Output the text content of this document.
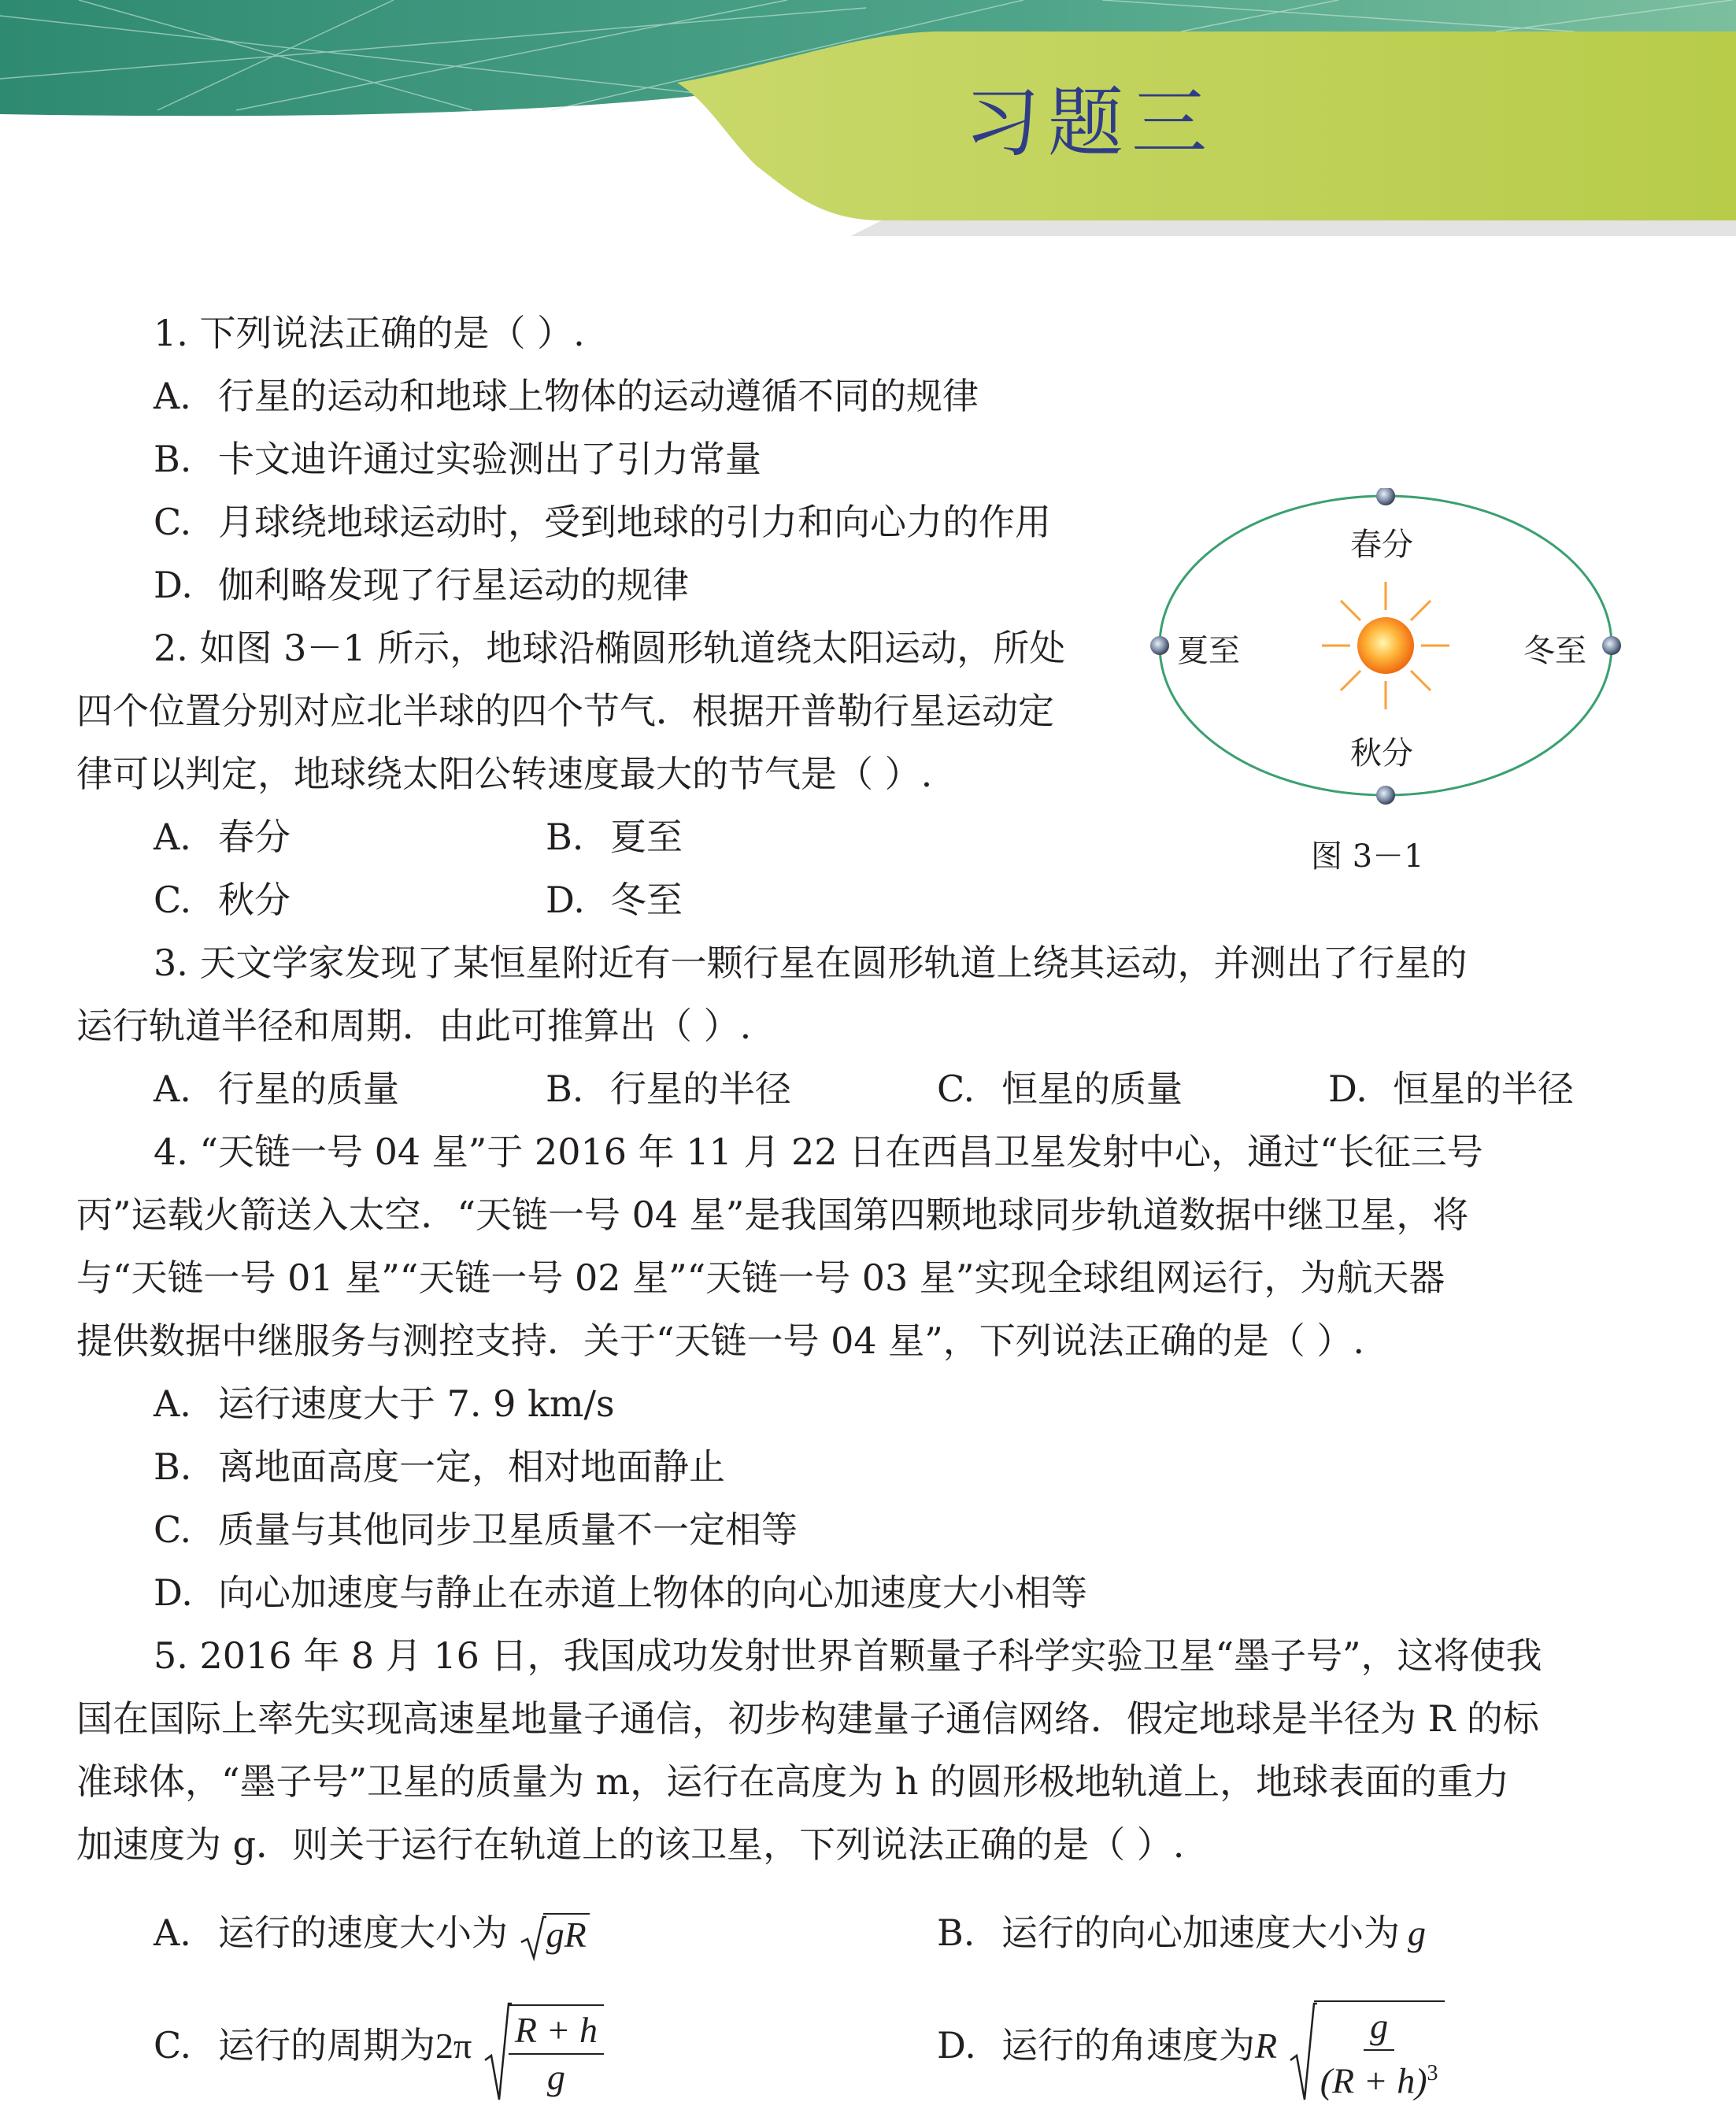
习题三
1. 下列说法正确的是（ ）.
A. 行星的运动和地球上物体的运动遵循不同的规律
B. 卡文迪许通过实验测出了引力常量
C. 月球绕地球运动时，受到地球的引力和向心力的作用
D. 伽利略发现了行星运动的规律
2. 如图 3－1 所示，地球沿椭圆形轨道绕太阳运动，所处
四个位置分别对应北半球的四个节气．根据开普勒行星运动定
律可以判定，地球绕太阳公转速度最大的节气是（ ）.
A. 春分	B. 夏至
C. 秋分	D. 冬至
春分
夏至	冬至
秋分
图 3－1
3. 天文学家发现了某恒星附近有一颗行星在圆形轨道上绕其运动，并测出了行星的
运行轨道半径和周期．由此可推算出（ ）.
A. 行星的质量	B. 行星的半径	C. 恒星的质量	D. 恒星的半径
4. “天链一号 04 星”于 2016 年 11 月 22 日在西昌卫星发射中心，通过“长征三号
丙”运载火箭送入太空．“天链一号 04 星”是我国第四颗地球同步轨道数据中继卫星，将
与“天链一号 01 星”“天链一号 02 星”“天链一号 03 星”实现全球组网运行，为航天器
提供数据中继服务与测控支持．关于“天链一号 04 星”，下列说法正确的是（ ）.
A. 运行速度大于 7. 9 km/s
B. 离地面高度一定，相对地面静止
C. 质量与其他同步卫星质量不一定相等
D. 向心加速度与静止在赤道上物体的向心加速度大小相等
5. 2016 年 8 月 16 日，我国成功发射世界首颗量子科学实验卫星“墨子号”，这将使我
国在国际上率先实现高速星地量子通信，初步构建量子通信网络．假定地球是半径为 R 的标
准球体，“墨子号”卫星的质量为 m，运行在高度为 h 的圆形极地轨道上，地球表面的重力
加速度为 g．则关于运行在轨道上的该卫星，下列说法正确的是（ ）.
A. 运行的速度大小为 gR	B. 运行的向心加速度大小为 g
C. 运行的周期为$2\pi \frac{R + h}{g}$	D. 运行的角速度为R $\frac{g}{(R + h)^3}$
